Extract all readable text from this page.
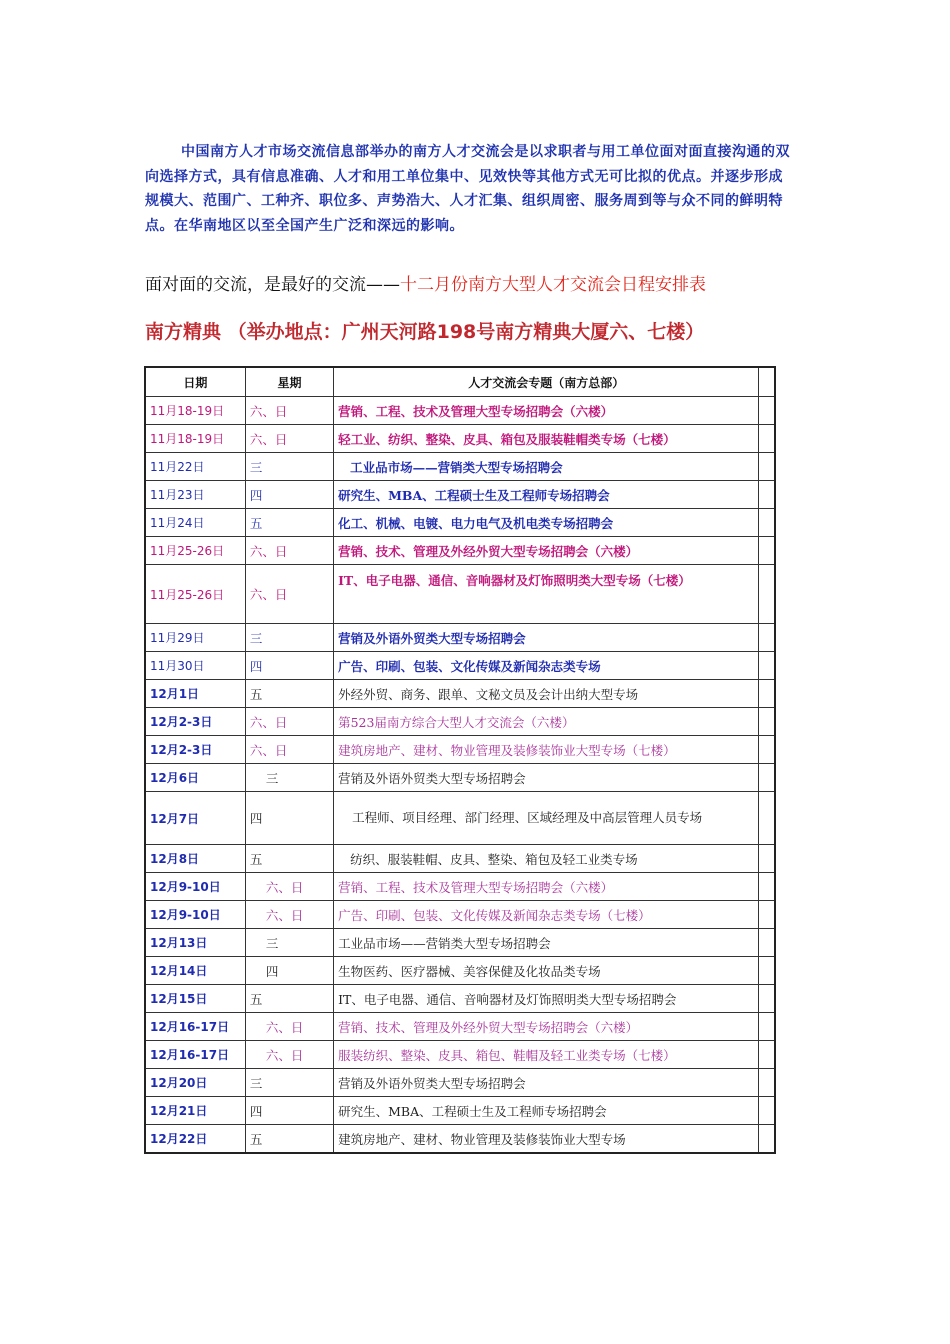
中国南方人才市场交流信息部举办的南方人才交流会是以求职者与用工单位面对面直接沟通的双向选择方式，具有信息准确、人才和用工单位集中、见效快等其他方式无可比拟的优点。并逐步形成规模大、范围广、工种齐、职位多、声势浩大、人才汇集、组织周密、服务周到等与众不同的鲜明特点。在华南地区以至全国产生广泛和深远的影响。

面对面的交流，是最好的交流——十二月份南方大型人才交流会日程安排表
南方精典 （举办地点：广州天河路198号南方精典大厦六、七楼）
日期	星期	人才交流会专题（南方总部）	
11月18-19日	六、日	营销、工程、技术及管理大型专场招聘会（六楼）	
11月18-19日	六、日	轻工业、纺织、整染、皮具、箱包及服装鞋帽类专场（七楼）	
11月22日	三	工业品市场——营销类大型专场招聘会	
11月23日	四	研究生、MBA、工程硕士生及工程师专场招聘会	
11月24日	五	化工、机械、电镀、电力电气及机电类专场招聘会	
11月25-26日	六、日	营销、技术、管理及外经外贸大型专场招聘会（六楼）	
11月25-26日	六、日	IT、电子电器、通信、音响器材及灯饰照明类大型专场（七楼）	
11月29日	三	营销及外语外贸类大型专场招聘会	
11月30日	四	广告、印刷、包装、文化传媒及新闻杂志类专场	
12月1日	五	外经外贸、商务、跟单、文秘文员及会计出纳大型专场	
12月2-3日	六、日	第523届南方综合大型人才交流会（六楼）	
12月2-3日	六、日	建筑房地产、建材、物业管理及装修装饰业大型专场（七楼）	
12月6日	三	营销及外语外贸类大型专场招聘会	
12月7日	四	工程师、项目经理、部门经理、区域经理及中高层管理人员专场	
12月8日	五	纺织、服装鞋帽、皮具、整染、箱包及轻工业类专场	
12月9-10日	六、日	营销、工程、技术及管理大型专场招聘会（六楼）	
12月9-10日	六、日	广告、印刷、包装、文化传媒及新闻杂志类专场（七楼）	
12月13日	三	工业品市场——营销类大型专场招聘会	
12月14日	四	生物医药、医疗器械、美容保健及化妆品类专场	
12月15日	五	IT、电子电器、通信、音响器材及灯饰照明类大型专场招聘会	
12月16-17日	六、日	营销、技术、管理及外经外贸大型专场招聘会（六楼）	
12月16-17日	六、日	服装纺织、整染、皮具、箱包、鞋帽及轻工业类专场（七楼）	
12月20日	三	营销及外语外贸类大型专场招聘会	
12月21日	四	研究生、MBA、工程硕士生及工程师专场招聘会	
12月22日	五	建筑房地产、建材、物业管理及装修装饰业大型专场	
